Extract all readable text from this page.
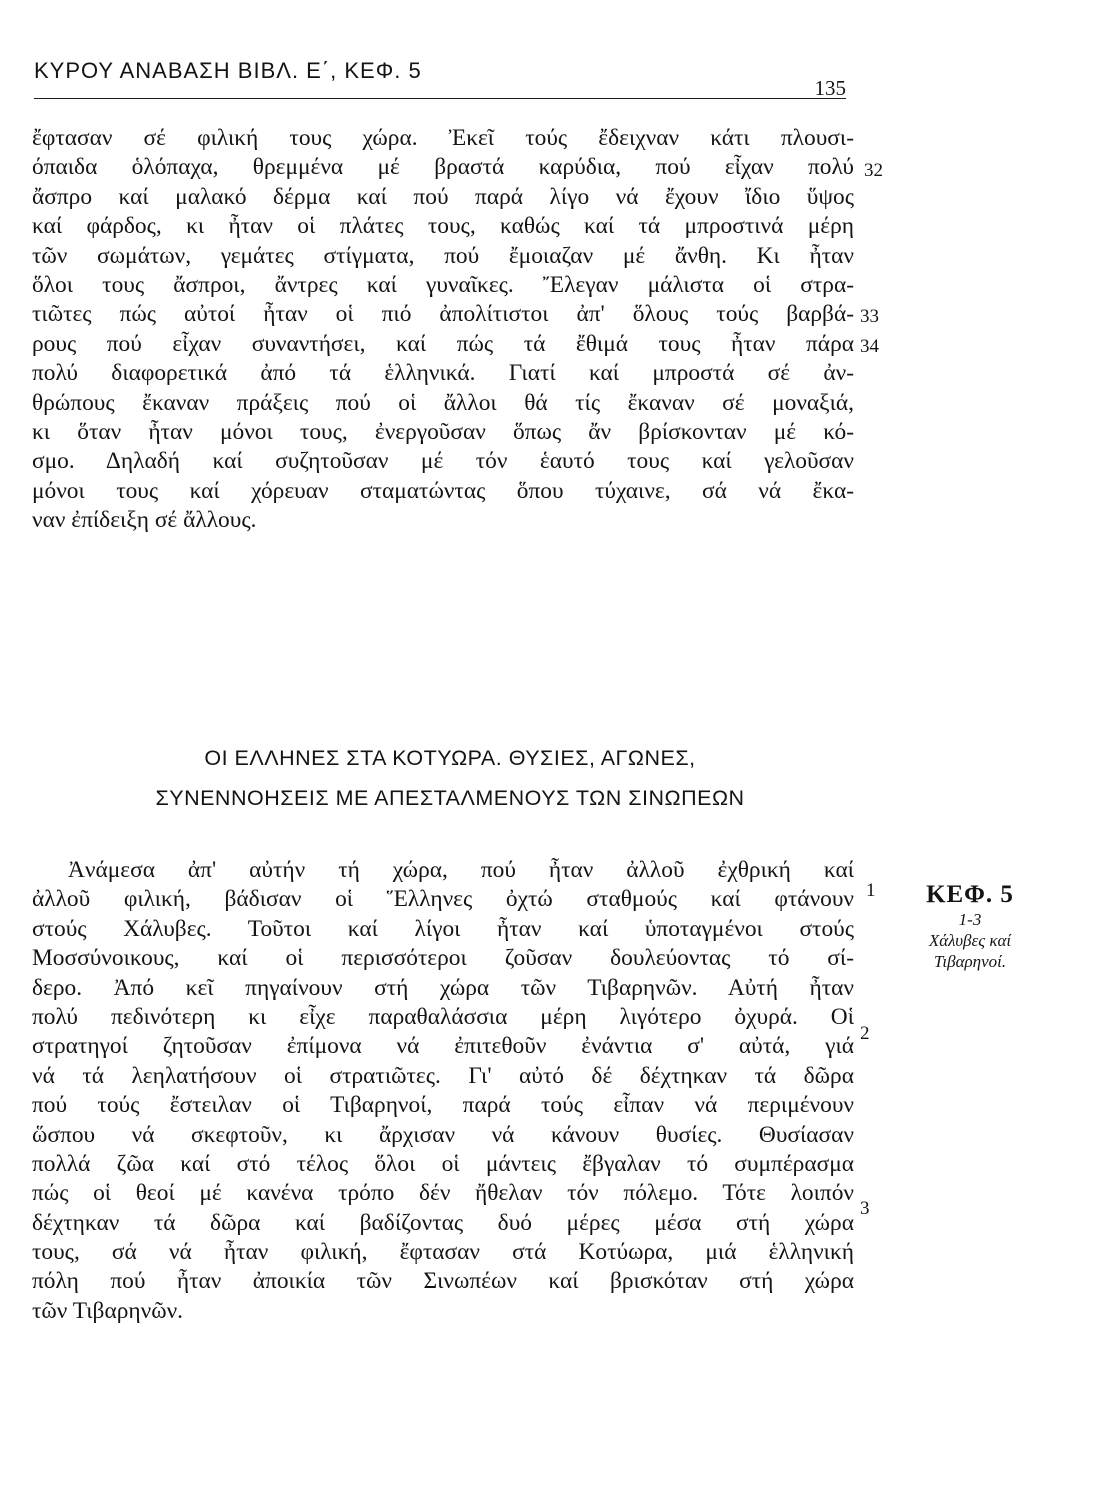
ΚΥΡΟΥ ΑΝΑΒΑΣΗ ΒΙΒΛ. Ε΄, ΚΕΦ. 5
135
ἔφτασαν σέ φιλική τους χώρα. Ἐκεῖ τούς ἔδειχναν κάτι πλουσι-
όπαιδα ὁλόπαχα, θρεμμένα μέ βραστά καρύδια, πού εἶχαν πολύ
ἄσπρο καί μαλακό δέρμα καί πού παρά λίγο νά ἔχουν ἴδιο ὕψος
καί φάρδος, κι ἦταν οἱ πλάτες τους, καθώς καί τά μπροστινά μέρη
τῶν σωμάτων, γεμάτες στίγματα, πού ἔμοιαζαν μέ ἄνθη. Κι ἦταν
ὅλοι τους ἄσπροι, ἄντρες καί γυναῖκες. Ἔλεγαν μάλιστα οἱ στρα-
τιῶτες πώς αὐτοί ἦταν οἱ πιό ἀπολίτιστοι ἀπ' ὅλους τούς βαρβά-
ρους πού εἶχαν συναντήσει, καί πώς τά ἔθιμά τους ἦταν πάρα
πολύ διαφορετικά ἀπό τά ἑλληνικά. Γιατί καί μπροστά σέ ἀν-
θρώπους ἔκαναν πράξεις πού οἱ ἄλλοι θά τίς ἔκαναν σέ μοναξιά,
κι ὅταν ἦταν μόνοι τους, ἐνεργοῦσαν ὅπως ἄν βρίσκονταν μέ κό-
σμο. Δηλαδή καί συζητοῦσαν μέ τόν ἑαυτό τους καί γελοῦσαν
μόνοι τους καί χόρευαν σταματώντας ὅπου τύχαινε, σά νά ἔκα-
ναν ἐπίδειξη σέ ἄλλους.
32
33
34
ΟΙ ΕΛΛΗΝΕΣ ΣΤΑ ΚΟΤΥΩΡΑ. ΘΥΣΙΕΣ, ΑΓΩΝΕΣ,
ΣΥΝΕΝΝΟΗΣΕΙΣ ΜΕ ΑΠΕΣΤΑΛΜΕΝΟΥΣ ΤΩΝ ΣΙΝΩΠΕΩΝ
Ἀνάμεσα ἀπ' αὐτήν τή χώρα, πού ἦταν ἀλλοῦ ἐχθρική καί
ἀλλοῦ φιλική, βάδισαν οἱ Ἕλληνες ὀχτώ σταθμούς καί φτάνουν
στούς Χάλυβες. Τοῦτοι καί λίγοι ἦταν καί ὑποταγμένοι στούς
Μοσσύνοικους, καί οἱ περισσότεροι ζοῦσαν δουλεύοντας τό σί-
δερο. Ἀπό κεῖ πηγαίνουν στή χώρα τῶν Τιβαρηνῶν. Αὐτή ἦταν
πολύ πεδινότερη κι εἶχε παραθαλάσσια μέρη λιγότερο ὀχυρά. Οἱ
στρατηγοί ζητοῦσαν ἐπίμονα νά ἐπιτεθοῦν ἐνάντια σ' αὐτά, γιά
νά τά λεηλατήσουν οἱ στρατιῶτες. Γι' αὐτό δέ δέχτηκαν τά δῶρα
πού τούς ἔστειλαν οἱ Τιβαρηνοί, παρά τούς εἶπαν νά περιμένουν
ὥσπου νά σκεφτοῦν, κι ἄρχισαν νά κάνουν θυσίες. Θυσίασαν
πολλά ζῶα καί στό τέλος ὅλοι οἱ μάντεις ἔβγαλαν τό συμπέρασμα
πώς οἱ θεοί μέ κανένα τρόπο δέν ἤθελαν τόν πόλεμο. Τότε λοιπόν
δέχτηκαν τά δῶρα καί βαδίζοντας δυό μέρες μέσα στή χώρα
τους, σά νά ἦταν φιλική, ἔφτασαν στά Κοτύωρα, μιά ἑλληνική
πόλη πού ἦταν ἀποικία τῶν Σινωπέων καί βρισκόταν στή χώρα
τῶν Τιβαρηνῶν.
1
2
3
ΚΕΦ. 5
1-3
Χάλυβες καί
Τιβαρηνοί.
